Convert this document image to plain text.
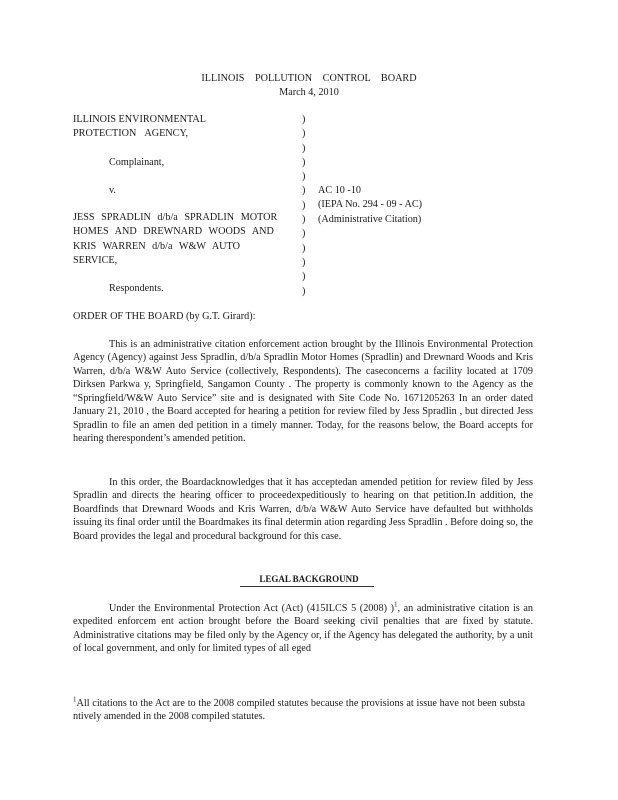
ILLINOIS POLLUTION CONTROL BOARD
March 4, 2010
ILLINOIS ENVIRONMENTAL
PROTECTION AGENCY,
Complainant,
v.
JESS SPRADLIN d/b/a SPRADLIN MOTOR
HOMES AND DREWNARD WOODS AND
KRIS WARREN d/b/a W&W AUTO
SERVICE,
Respondents.
)
)
)
)
)
)
)
)
)
)
)
)
)
AC 10 -10
(IEPA No. 294 - 09 - AC)
(Administrative Citation)
ORDER OF THE BOARD (by G.T. Girard):

This is an administrative citation enforcement action brought by the Illinois Environmental Protection Agency (Agency) against Jess Spradlin, d/b/a Spradlin Motor Homes (Spradlin) and Drewnard Woods and Kris Warren, d/b/a W&W Auto Service (collectively, Respondents). The caseconcerns a facility located at 1709 Dirksen Parkwa y, Springfield, Sangamon County . The property is commonly known to the Agency as the “Springfield/W&W Auto Service” site and is designated with Site Code No. 1671205263 In an order dated January 21, 2010 , the Board accepted for hearing a petition for review filed by Jess Spradlin , but directed Jess Spradlin to file an amen ded petition in a timely manner. Today, for the reasons below, the Board accepts for hearing therespondent’s amended petition.

In this order, the Boardacknowledges that it has acceptedan amended petition for review filed by Jess Spradlin and directs the hearing officer to proceedexpeditiously to hearing on that petition.In addition, the Boardfinds that Drewnard Woods and Kris Warren, d/b/a W&W Auto Service have defaulted but withholds issuing its final order until the Boardmakes its final determin ation regarding Jess Spradlin . Before doing so, the Board provides the legal and procedural background for this case.

LEGAL BACKGROUND

Under the Environmental Protection Act (Act) (415ILCS 5 (2008) )$^1$, an administrative citation is an expedited enforcem ent action brought before the Board seeking civil penalties that are fixed by statute. Administrative citations may be filed only by the Agency or, if the Agency has delegated the authority, by a unit of local government, and only for limited types of all eged

$^1$All citations to the Act are to the 2008 compiled statutes because the provisions at issue have not been substa ntively amended in the 2008 compiled statutes.
